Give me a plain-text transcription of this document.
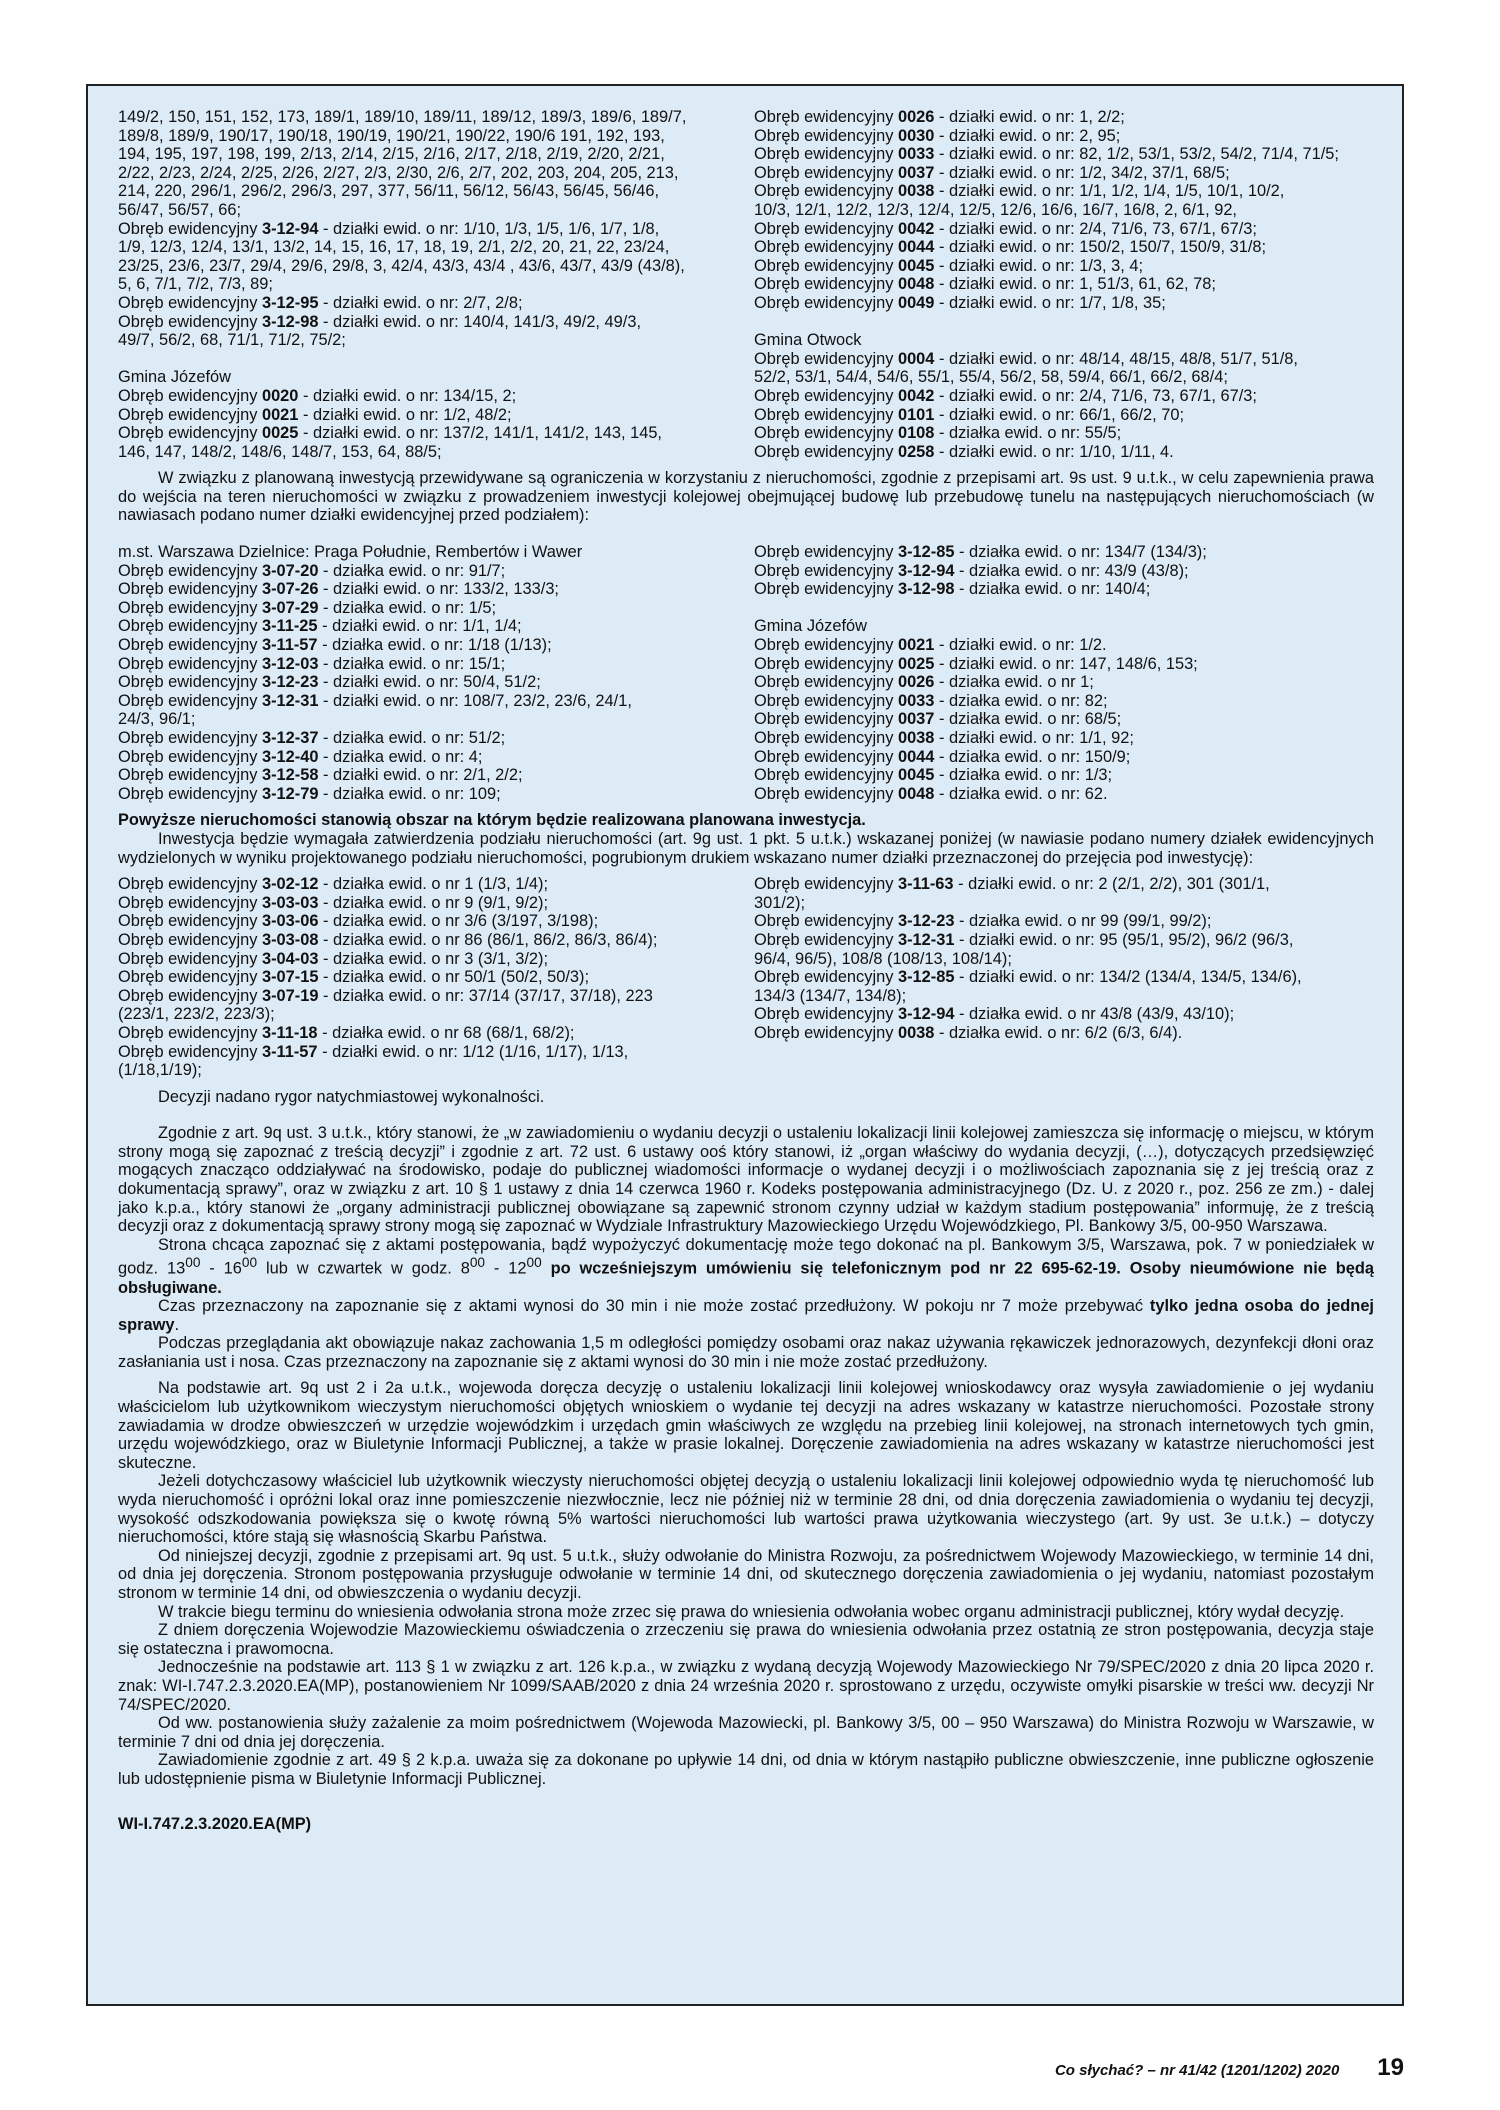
149/2, 150, 151, 152, 173, 189/1, 189/10, 189/11, 189/12, 189/3, 189/6, 189/7,
189/8, 189/9, 190/17, 190/18, 190/19, 190/21, 190/22, 190/6 191, 192, 193,
194, 195, 197, 198, 199, 2/13, 2/14, 2/15, 2/16, 2/17, 2/18, 2/19, 2/20, 2/21,
2/22, 2/23, 2/24, 2/25, 2/26, 2/27, 2/3, 2/30, 2/6, 2/7, 202, 203, 204, 205, 213,
214, 220, 296/1, 296/2, 296/3, 297, 377, 56/11, 56/12, 56/43, 56/45, 56/46,
56/47, 56/57, 66;
Obręb ewidencyjny 3-12-94 - działki ewid. o nr: 1/10, 1/3, 1/5, 1/6, 1/7, 1/8,
1/9, 12/3, 12/4, 13/1, 13/2, 14, 15, 16, 17, 18, 19, 2/1, 2/2, 20, 21, 22, 23/24,
23/25, 23/6, 23/7, 29/4, 29/6, 29/8, 3, 42/4, 43/3, 43/4 , 43/6, 43/7, 43/9 (43/8),
5, 6, 7/1, 7/2, 7/3, 89;
Obręb ewidencyjny 3-12-95 - działki ewid. o nr: 2/7, 2/8;
Obręb ewidencyjny 3-12-98 - działki ewid. o nr: 140/4, 141/3, 49/2, 49/3,
49/7, 56/2, 68, 71/1, 71/2, 75/2;
Gmina Józefów
Obręb ewidencyjny 0020 - działki ewid. o nr: 134/15, 2;
Obręb ewidencyjny 0021 - działki ewid. o nr: 1/2, 48/2;
Obręb ewidencyjny 0025 - działki ewid. o nr: 137/2, 141/1, 141/2, 143, 145,
146, 147, 148/2, 148/6, 148/7, 153, 64, 88/5;
Obręb ewidencyjny 0026 - działki ewid. o nr: 1, 2/2;
Obręb ewidencyjny 0030 - działki ewid. o nr: 2, 95;
Obręb ewidencyjny 0033 - działki ewid. o nr: 82, 1/2, 53/1, 53/2, 54/2, 71/4, 71/5;
Obręb ewidencyjny 0037 - działki ewid. o nr: 1/2, 34/2, 37/1, 68/5;
Obręb ewidencyjny 0038 - działki ewid. o nr: 1/1, 1/2, 1/4, 1/5, 10/1, 10/2,
10/3, 12/1, 12/2, 12/3, 12/4, 12/5, 12/6, 16/6, 16/7, 16/8, 2, 6/1, 92,
Obręb ewidencyjny 0042 - działki ewid. o nr: 2/4, 71/6, 73, 67/1, 67/3;
Obręb ewidencyjny 0044 - działki ewid. o nr: 150/2, 150/7, 150/9, 31/8;
Obręb ewidencyjny 0045 - działki ewid. o nr: 1/3, 3, 4;
Obręb ewidencyjny 0048 - działki ewid. o nr: 1, 51/3, 61, 62, 78;
Obręb ewidencyjny 0049 - działki ewid. o nr: 1/7, 1/8, 35;
Gmina Otwock
Obręb ewidencyjny 0004 - działki ewid. o nr: 48/14, 48/15, 48/8, 51/7, 51/8,
52/2, 53/1, 54/4, 54/6, 55/1, 55/4, 56/2, 58, 59/4, 66/1, 66/2, 68/4;
Obręb ewidencyjny 0042 - działki ewid. o nr: 2/4, 71/6, 73, 67/1, 67/3;
Obręb ewidencyjny 0101 - działki ewid. o nr: 66/1, 66/2, 70;
Obręb ewidencyjny 0108 - działka ewid. o nr: 55/5;
Obręb ewidencyjny 0258 - działki ewid. o nr: 1/10, 1/11, 4.

W związku z planowaną inwestycją przewidywane są ograniczenia w korzystaniu z nieruchomości, zgodnie z przepisami art. 9s ust. 9 u.t.k., w celu zapewnienia prawa do wejścia na teren nieruchomości w związku z prowadzeniem inwestycji kolejowej obejmującej budowę lub przebudowę tunelu na następujących nieruchomościach (w nawiasach podano numer działki ewidencyjnej przed podziałem):

m.st. Warszawa Dzielnice: Praga Południe, Rembertów i Wawer
Obręb ewidencyjny 3-07-20 - działka ewid. o nr: 91/7;
Obręb ewidencyjny 3-07-26 - działki ewid. o nr: 133/2, 133/3;
Obręb ewidencyjny 3-07-29 - działka ewid. o nr: 1/5;
Obręb ewidencyjny 3-11-25 - działki ewid. o nr: 1/1, 1/4;
Obręb ewidencyjny 3-11-57 - działka ewid. o nr: 1/18 (1/13);
Obręb ewidencyjny 3-12-03 - działka ewid. o nr: 15/1;
Obręb ewidencyjny 3-12-23 - działki ewid. o nr: 50/4, 51/2;
Obręb ewidencyjny 3-12-31 - działki ewid. o nr: 108/7, 23/2, 23/6, 24/1,
24/3, 96/1;
Obręb ewidencyjny 3-12-37 - działka ewid. o nr: 51/2;
Obręb ewidencyjny 3-12-40 - działka ewid. o nr: 4;
Obręb ewidencyjny 3-12-58 - działki ewid. o nr: 2/1, 2/2;
Obręb ewidencyjny 3-12-79 - działka ewid. o nr: 109;
Obręb ewidencyjny 3-12-85 - działka ewid. o nr: 134/7 (134/3);
Obręb ewidencyjny 3-12-94 - działka ewid. o nr: 43/9 (43/8);
Obręb ewidencyjny 3-12-98 - działka ewid. o nr: 140/4;
Gmina Józefów
Obręb ewidencyjny 0021 - działki ewid. o nr: 1/2.
Obręb ewidencyjny 0025 - działki ewid. o nr: 147, 148/6, 153;
Obręb ewidencyjny 0026 - działka ewid. o nr 1;
Obręb ewidencyjny 0033 - działka ewid. o nr: 82;
Obręb ewidencyjny 0037 - działka ewid. o nr: 68/5;
Obręb ewidencyjny 0038 - działki ewid. o nr: 1/1, 92;
Obręb ewidencyjny 0044 - działka ewid. o nr: 150/9;
Obręb ewidencyjny 0045 - działka ewid. o nr: 1/3;
Obręb ewidencyjny 0048 - działka ewid. o nr: 62.

Powyższe nieruchomości stanowią obszar na którym będzie realizowana planowana inwestycja.

Inwestycja będzie wymagała zatwierdzenia podziału nieruchomości (art. 9g ust. 1 pkt. 5 u.t.k.) wskazanej poniżej (w nawiasie podano numery działek ewidencyjnych wydzielonych w wyniku projektowanego podziału nieruchomości, pogrubionym drukiem wskazano numer działki przeznaczonej do przejęcia pod inwestycję):

Obręb ewidencyjny 3-02-12 - działka ewid. o nr 1 (1/3, 1/4);
Obręb ewidencyjny 3-03-03 - działka ewid. o nr 9 (9/1, 9/2);
Obręb ewidencyjny 3-03-06 - działka ewid. o nr 3/6 (3/197, 3/198);
Obręb ewidencyjny 3-03-08 - działka ewid. o nr 86 (86/1, 86/2, 86/3, 86/4);
Obręb ewidencyjny 3-04-03 - działka ewid. o nr 3 (3/1, 3/2);
Obręb ewidencyjny 3-07-15 - działka ewid. o nr 50/1 (50/2, 50/3);
Obręb ewidencyjny 3-07-19 - działka ewid. o nr: 37/14 (37/17, 37/18), 223
(223/1, 223/2, 223/3);
Obręb ewidencyjny 3-11-18 - działka ewid. o nr 68 (68/1, 68/2);
Obręb ewidencyjny 3-11-57 - działki ewid. o nr: 1/12 (1/16, 1/17), 1/13,
(1/18,1/19);
Obręb ewidencyjny 3-11-63 - działki ewid. o nr: 2 (2/1, 2/2), 301 (301/1,
301/2);
Obręb ewidencyjny 3-12-23 - działka ewid. o nr 99 (99/1, 99/2);
Obręb ewidencyjny 3-12-31 - działki ewid. o nr: 95 (95/1, 95/2), 96/2 (96/3,
96/4, 96/5), 108/8 (108/13, 108/14);
Obręb ewidencyjny 3-12-85 - działki ewid. o nr: 134/2 (134/4, 134/5, 134/6),
134/3 (134/7, 134/8);
Obręb ewidencyjny 3-12-94 - działka ewid. o nr 43/8 (43/9, 43/10);
Obręb ewidencyjny 0038 - działka ewid. o nr: 6/2 (6/3, 6/4).

Decyzji nadano rygor natychmiastowej wykonalności.

Zgodnie z art. 9q ust. 3 u.t.k., który stanowi, że „w zawiadomieniu o wydaniu decyzji o ustaleniu lokalizacji linii kolejowej zamieszcza się informację o miejscu, w którym strony mogą się zapoznać z treścią decyzji” i zgodnie z art. 72 ust. 6 ustawy ooś który stanowi, iż „organ właściwy do wydania decyzji, (…), dotyczących przedsięwzięć mogących znacząco oddziaływać na środowisko, podaje do publicznej wiadomości informacje o wydanej decyzji i o możliwościach zapoznania się z jej treścią oraz z dokumentacją sprawy”, oraz w związku z art. 10 § 1 ustawy z dnia 14 czerwca 1960 r. Kodeks postępowania administracyjnego (Dz. U. z 2020 r., poz. 256 ze zm.) - dalej jako k.p.a., który stanowi że „organy administracji publicznej obowiązane są zapewnić stronom czynny udział w każdym stadium postępowania” informuję, że z treścią decyzji oraz z dokumentacją sprawy strony mogą się zapoznać w Wydziale Infrastruktury Mazowieckiego Urzędu Wojewódzkiego, Pl. Bankowy 3/5, 00-950 Warszawa.

Strona chcąca zapoznać się z aktami postępowania, bądź wypożyczyć dokumentację może tego dokonać na pl. Bankowym 3/5, Warszawa, pok. 7 w poniedziałek w godz. $13^{00} - 16^{00}$ lub w czwartek w godz. $8^{00} - 12^{00}$ po wcześniejszym umówieniu się telefonicznym pod nr 22 695-62-19. Osoby nieumówione nie będą obsługiwane.

Czas przeznaczony na zapoznanie się z aktami wynosi do 30 min i nie może zostać przedłużony. W pokoju nr 7 może przebywać tylko jedna osoba do jednej sprawy.

Podczas przeglądania akt obowiązuje nakaz zachowania 1,5 m odległości pomiędzy osobami oraz nakaz używania rękawiczek jednorazowych, dezynfekcji dłoni oraz zasłaniania ust i nosa. Czas przeznaczony na zapoznanie się z aktami wynosi do 30 min i nie może zostać przedłużony.

Na podstawie art. 9q ust 2 i 2a u.t.k., wojewoda doręcza decyzję o ustaleniu lokalizacji linii kolejowej wnioskodawcy oraz wysyła zawiadomienie o jej wydaniu właścicielom lub użytkownikom wieczystym nieruchomości objętych wnioskiem o wydanie tej decyzji na adres wskazany w katastrze nieruchomości. Pozostałe strony zawiadamia w drodze obwieszczeń w urzędzie wojewódzkim i urzędach gmin właściwych ze względu na przebieg linii kolejowej, na stronach internetowych tych gmin, urzędu wojewódzkiego, oraz w Biuletynie Informacji Publicznej, a także w prasie lokalnej. Doręczenie zawiadomienia na adres wskazany w katastrze nieruchomości jest skuteczne.

Jeżeli dotychczasowy właściciel lub użytkownik wieczysty nieruchomości objętej decyzją o ustaleniu lokalizacji linii kolejowej odpowiednio wyda tę nieruchomość lub wyda nieruchomość i opróżni lokal oraz inne pomieszczenie niezwłocznie, lecz nie później niż w terminie 28 dni, od dnia doręczenia zawiadomienia o wydaniu tej decyzji, wysokość odszkodowania powiększa się o kwotę równą 5% wartości nieruchomości lub wartości prawa użytkowania wieczystego (art. 9y ust. 3e u.t.k.) – dotyczy nieruchomości, które stają się własnością Skarbu Państwa.

Od niniejszej decyzji, zgodnie z przepisami art. 9q ust. 5 u.t.k., służy odwołanie do Ministra Rozwoju, za pośrednictwem Wojewody Mazowieckiego, w terminie 14 dni, od dnia jej doręczenia. Stronom postępowania przysługuje odwołanie w terminie 14 dni, od skutecznego doręczenia zawiadomienia o jej wydaniu, natomiast pozostałym stronom w terminie 14 dni, od obwieszczenia o wydaniu decyzji.

W trakcie biegu terminu do wniesienia odwołania strona może zrzec się prawa do wniesienia odwołania wobec organu administracji publicznej, który wydał decyzję.

Z dniem doręczenia Wojewodzie Mazowieckiemu oświadczenia o zrzeczeniu się prawa do wniesienia odwołania przez ostatnią ze stron postępowania, decyzja staje się ostateczna i prawomocna.

Jednocześnie na podstawie art. 113 § 1 w związku z art. 126 k.p.a., w związku z wydaną decyzją Wojewody Mazowieckiego Nr 79/SPEC/2020 z dnia 20 lipca 2020 r. znak: WI-I.747.2.3.2020.EA(MP), postanowieniem Nr 1099/SAAB/2020 z dnia 24 września 2020 r. sprostowano z urzędu, oczywiste omyłki pisarskie w treści ww. decyzji Nr 74/SPEC/2020.

Od ww. postanowienia służy zażalenie za moim pośrednictwem (Wojewoda Mazowiecki, pl. Bankowy 3/5, 00 – 950 Warszawa) do Ministra Rozwoju w Warszawie, w terminie 7 dni od dnia jej doręczenia.

Zawiadomienie zgodnie z art. 49 § 2 k.p.a. uważa się za dokonane po upływie 14 dni, od dnia w którym nastąpiło publiczne obwieszczenie, inne publiczne ogłoszenie lub udostępnienie pisma w Biuletynie Informacji Publicznej.

WI-I.747.2.3.2020.EA(MP)

Co słychać? – nr 41/42 (1201/1202) 2020 19
